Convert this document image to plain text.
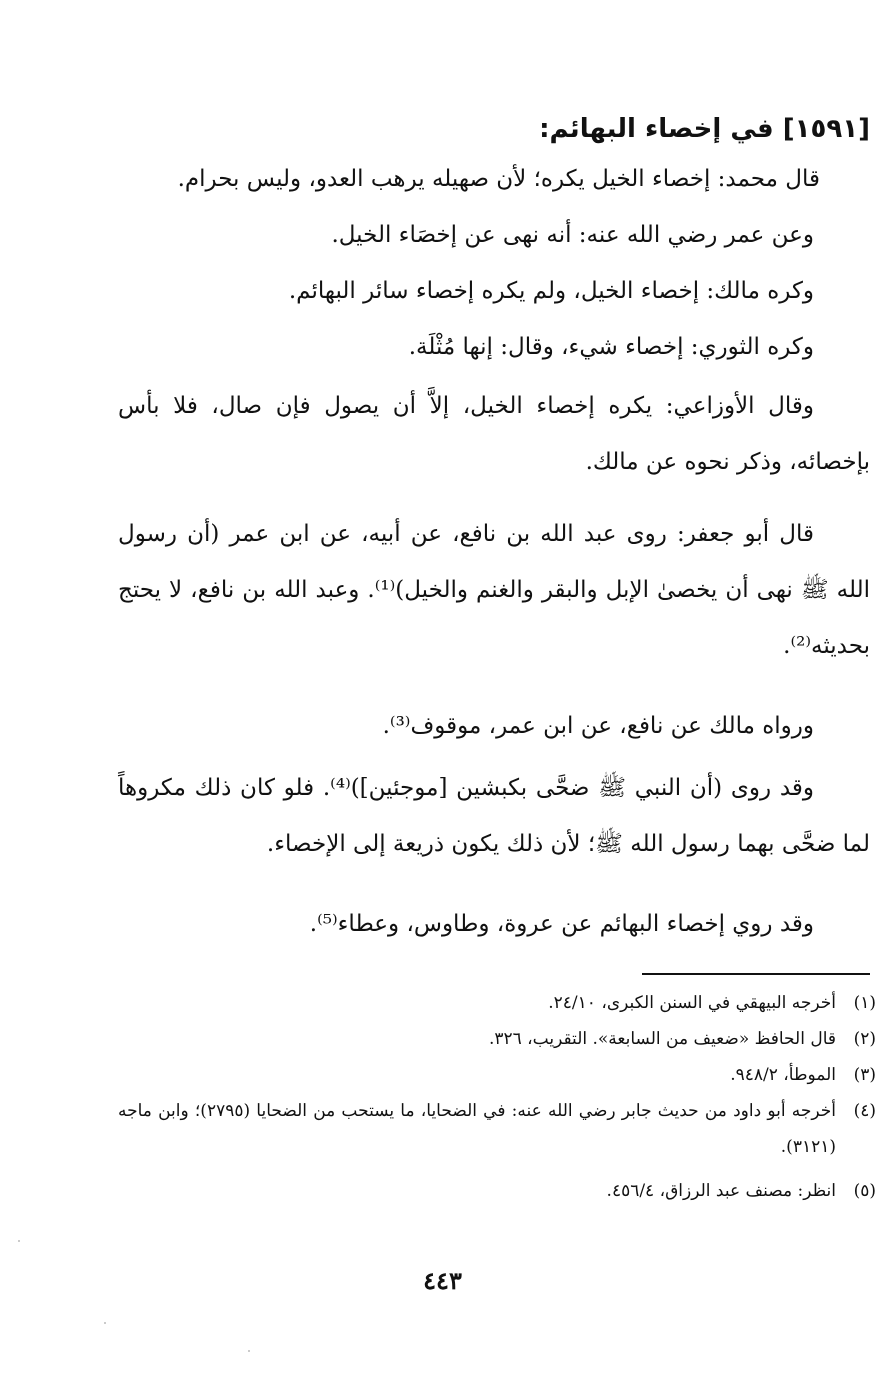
[١٥٩١] في إخصاء البهائم:

قال محمد: إخصاء الخيل يكره؛ لأن صهيله يرهب العدو، وليس بحرام.

وعن عمر رضي الله عنه: أنه نهى عن إخصَاء الخيل.

وكره مالك: إخصاء الخيل، ولم يكره إخصاء سائر البهائم.

وكره الثوري: إخصاء شيء، وقال: إنها مُثْلَة.

وقال الأوزاعي: يكره إخصاء الخيل، إلاَّ أن يصول فإن صال، فلا بأس بإخصائه، وذكر نحوه عن مالك.

قال أبو جعفر: روى عبد الله بن نافع، عن أبيه، عن ابن عمر (أن رسول الله ﷺ نهى أن يخصىٰ الإبل والبقر والغنم والخيل)⁽¹⁾. وعبد الله بن نافع، لا يحتج بحديثه⁽²⁾.

ورواه مالك عن نافع، عن ابن عمر، موقوف⁽³⁾.

وقد روى (أن النبي ﷺ ضحَّى بكبشين [موجئين])⁽⁴⁾. فلو كان ذلك مكروهاً لما ضحَّى بهما رسول الله ﷺ؛ لأن ذلك يكون ذريعة إلى الإخصاء.

وقد روي إخصاء البهائم عن عروة، وطاوس، وعطاء⁽⁵⁾.

(١)
أخرجه البيهقي في السنن الكبرى، ٢٤/١٠.

(٢)
قال الحافظ «ضعيف من السابعة». التقريب، ٣٢٦.

(٣)
الموطأ، ٩٤٨/٢.

(٤)
أخرجه أبو داود من حديث جابر رضي الله عنه: في الضحايا، ما يستحب من الضحايا (٢٧٩٥)؛ وابن ماجه (٣١٢١).

(٥)
انظر: مصنف عبد الرزاق، ٤٥٦/٤.

٤٤٣
